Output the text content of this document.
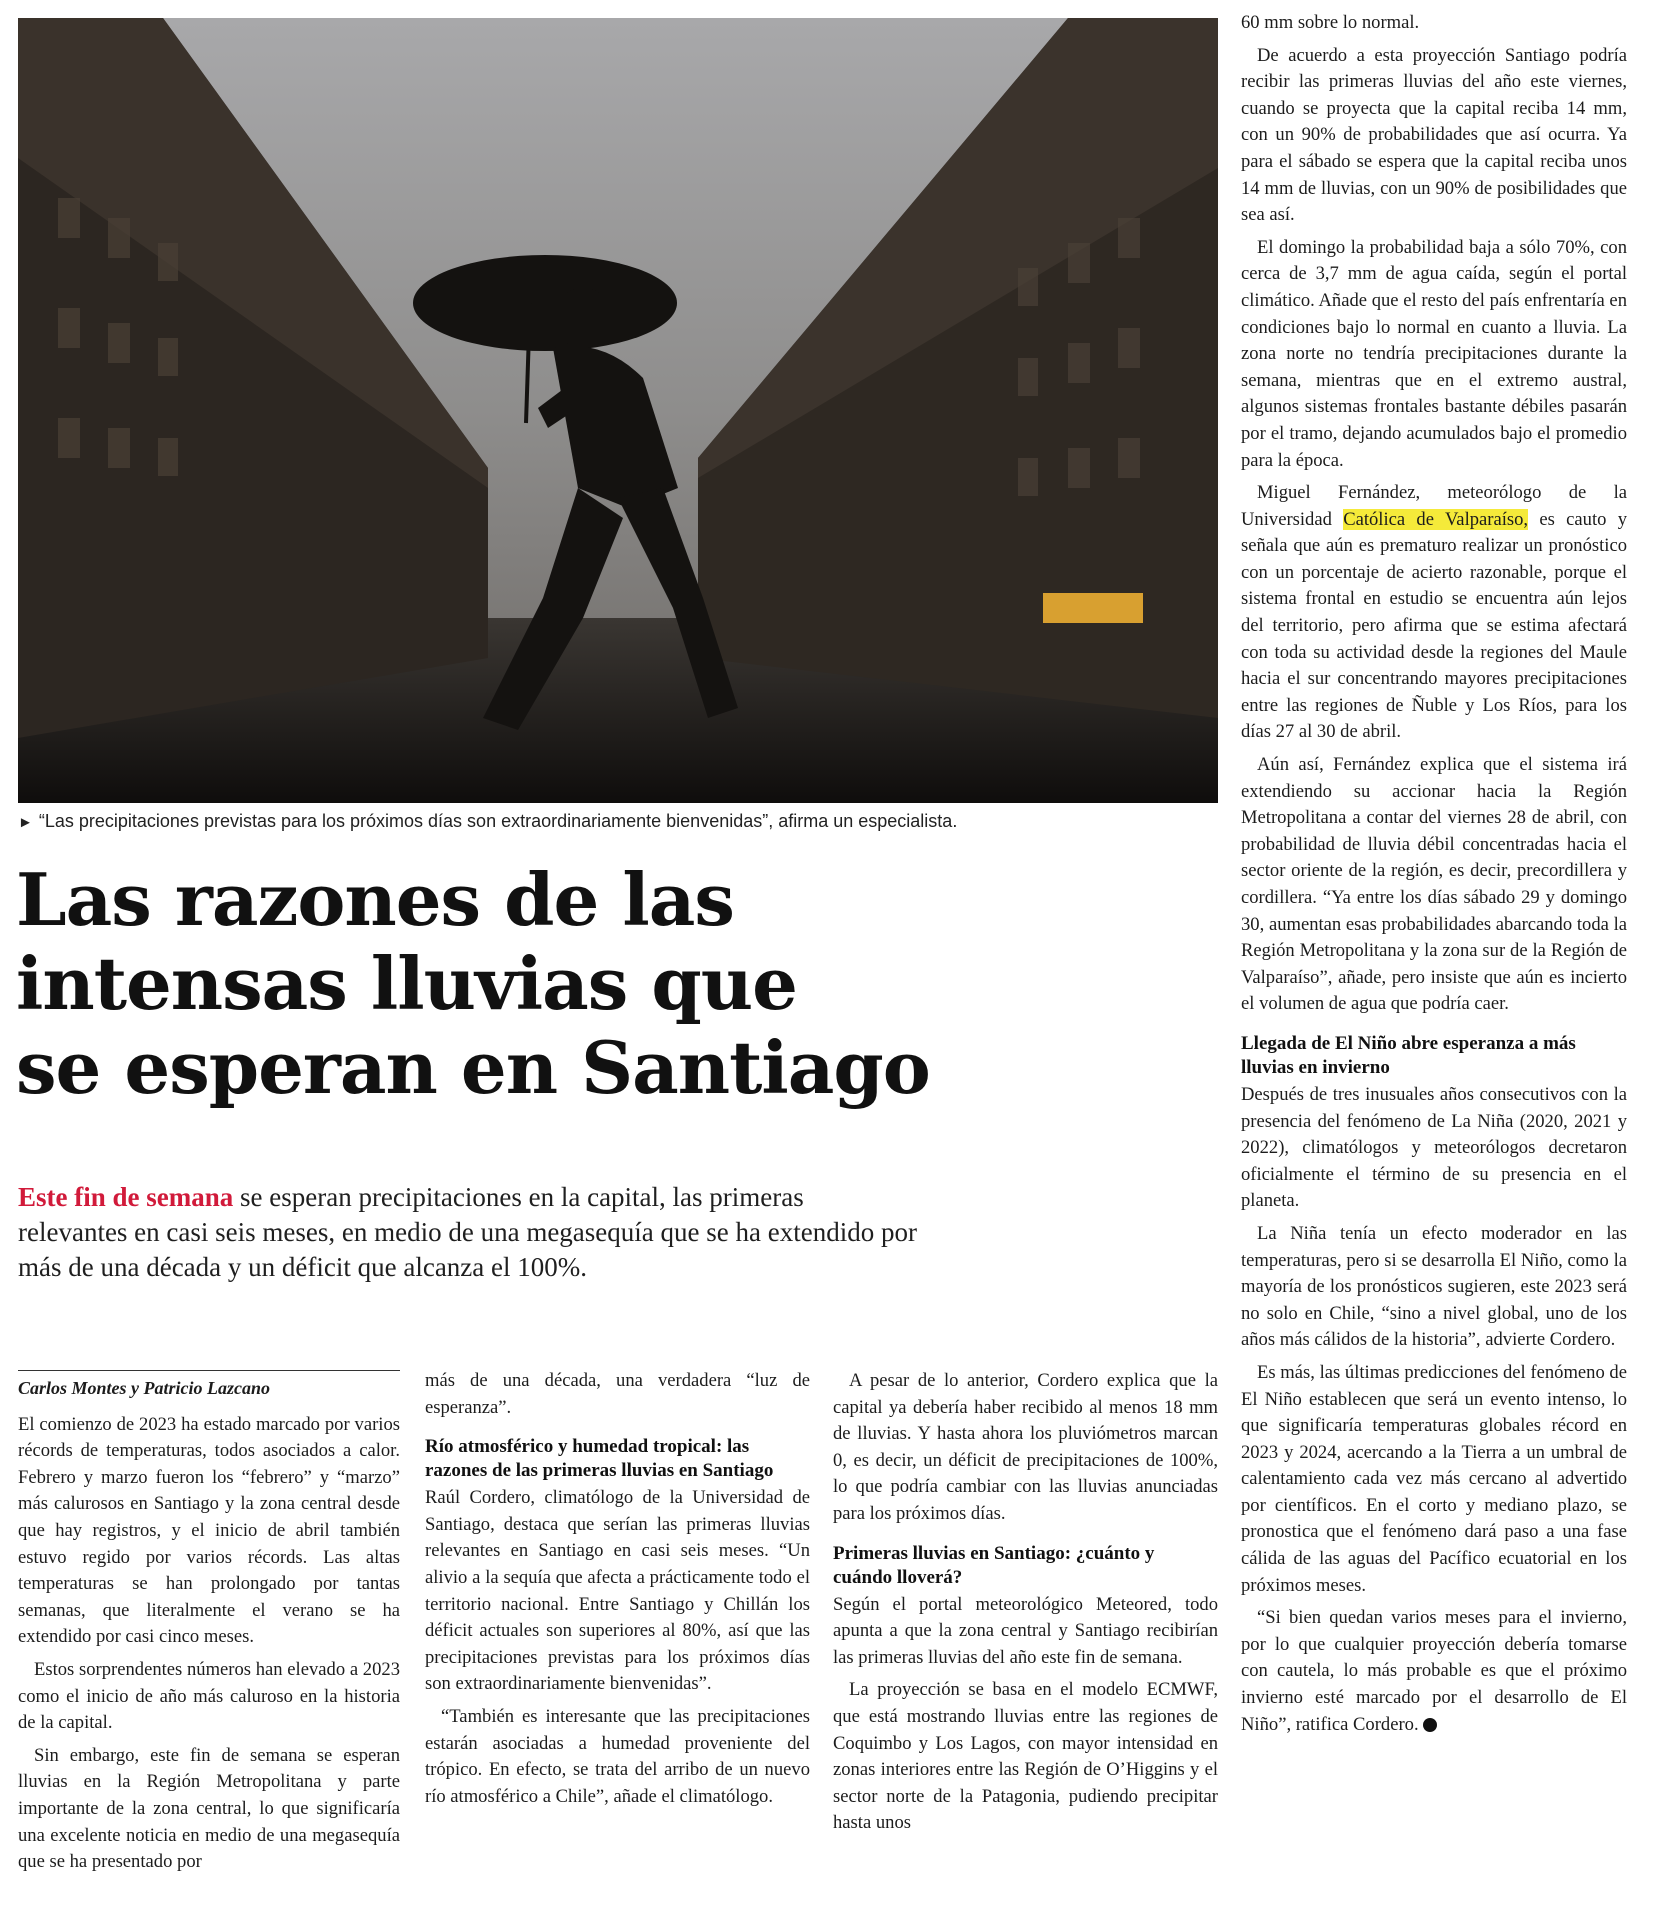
► “Las precipitaciones previstas para los próximos días son extraordinariamente bienvenidas”, afirma un especialista.
Las razones de las
intensas lluvias que
se esperan en Santiago

Este fin de semana se esperan precipitaciones en la capital, las primeras relevantes en casi seis meses, en medio de una megasequía que se ha extendido por más de una década y un déficit que alcanza el 100%.

Carlos Montes y Patricio Lazcano

El comienzo de 2023 ha estado marcado por varios récords de temperaturas, todos asociados a calor. Febrero y marzo fueron los “febrero” y “marzo” más calurosos en Santiago y la zona central desde que hay registros, y el inicio de abril también estuvo regido por varios récords. Las altas temperaturas se han prolongado por tantas semanas, que literalmente el verano se ha extendido por casi cinco meses.

Estos sorprendentes números han elevado a 2023 como el inicio de año más caluroso en la historia de la capital.

Sin embargo, este fin de semana se esperan lluvias en la Región Metropolitana y parte importante de la zona central, lo que significaría una excelente noticia en medio de una megasequía que se ha presentado por

más de una década, una verdadera “luz de esperanza”.

Río atmosférico y humedad tropical: las razones de las primeras lluvias en Santiago

Raúl Cordero, climatólogo de la Universidad de Santiago, destaca que serían las primeras lluvias relevantes en Santiago en casi seis meses. “Un alivio a la sequía que afecta a prácticamente todo el territorio nacional. Entre Santiago y Chillán los déficit actuales son superiores al 80%, así que las precipitaciones previstas para los próximos días son extraordinariamente bienvenidas”.

“También es interesante que las precipitaciones estarán asociadas a humedad proveniente del trópico. En efecto, se trata del arribo de un nuevo río atmosférico a Chile”, añade el climatólogo.

A pesar de lo anterior, Cordero explica que la capital ya debería haber recibido al menos 18 mm de lluvias. Y hasta ahora los pluviómetros marcan 0, es decir, un déficit de precipitaciones de 100%, lo que podría cambiar con las lluvias anunciadas para los próximos días.

Primeras lluvias en Santiago: ¿cuánto y cuándo lloverá?

Según el portal meteorológico Meteored, todo apunta a que la zona central y Santiago recibirían las primeras lluvias del año este fin de semana.

La proyección se basa en el modelo ECMWF, que está mostrando lluvias entre las regiones de Coquimbo y Los Lagos, con mayor intensidad en zonas interiores entre las Región de O’Higgins y el sector norte de la Patagonia, pudiendo precipitar hasta unos

60 mm sobre lo normal.

De acuerdo a esta proyección Santiago podría recibir las primeras lluvias del año este viernes, cuando se proyecta que la capital reciba 14 mm, con un 90% de probabilidades que así ocurra. Ya para el sábado se espera que la capital reciba unos 14 mm de lluvias, con un 90% de posibilidades que sea así.

El domingo la probabilidad baja a sólo 70%, con cerca de 3,7 mm de agua caída, según el portal climático. Añade que el resto del país enfrentaría en condiciones bajo lo normal en cuanto a lluvia. La zona norte no tendría precipitaciones durante la semana, mientras que en el extremo austral, algunos sistemas frontales bastante débiles pasarán por el tramo, dejando acumulados bajo el promedio para la época.

Miguel Fernández, meteorólogo de la Universidad Católica de Valparaíso, es cauto y señala que aún es prematuro realizar un pronóstico con un porcentaje de acierto razonable, porque el sistema frontal en estudio se encuentra aún lejos del territorio, pero afirma que se estima afectará con toda su actividad desde la regiones del Maule hacia el sur concentrando mayores precipitaciones entre las regiones de Ñuble y Los Ríos, para los días 27 al 30 de abril.

Aún así, Fernández explica que el sistema irá extendiendo su accionar hacia la Región Metropolitana a contar del viernes 28 de abril, con probabilidad de lluvia débil concentradas hacia el sector oriente de la región, es decir, precordillera y cordillera. “Ya entre los días sábado 29 y domingo 30, aumentan esas probabilidades abarcando toda la Región Metropolitana y la zona sur de la Región de Valparaíso”, añade, pero insiste que aún es incierto el volumen de agua que podría caer.

Llegada de El Niño abre esperanza a más lluvias en invierno

Después de tres inusuales años consecutivos con la presencia del fenómeno de La Niña (2020, 2021 y 2022), climatólogos y meteorólogos decretaron oficialmente el término de su presencia en el planeta.

La Niña tenía un efecto moderador en las temperaturas, pero si se desarrolla El Niño, como la mayoría de los pronósticos sugieren, este 2023 será no solo en Chile, “sino a nivel global, uno de los años más cálidos de la historia”, advierte Cordero.

Es más, las últimas predicciones del fenómeno de El Niño establecen que será un evento intenso, lo que significaría temperaturas globales récord en 2023 y 2024, acercando a la Tierra a un umbral de calentamiento cada vez más cercano al advertido por científicos. En el corto y mediano plazo, se pronostica que el fenómeno dará paso a una fase cálida de las aguas del Pacífico ecuatorial en los próximos meses.

“Si bien quedan varios meses para el invierno, por lo que cualquier proyección debería tomarse con cautela, lo más probable es que el próximo invierno esté marcado por el desarrollo de El Niño”, ratifica Cordero.
